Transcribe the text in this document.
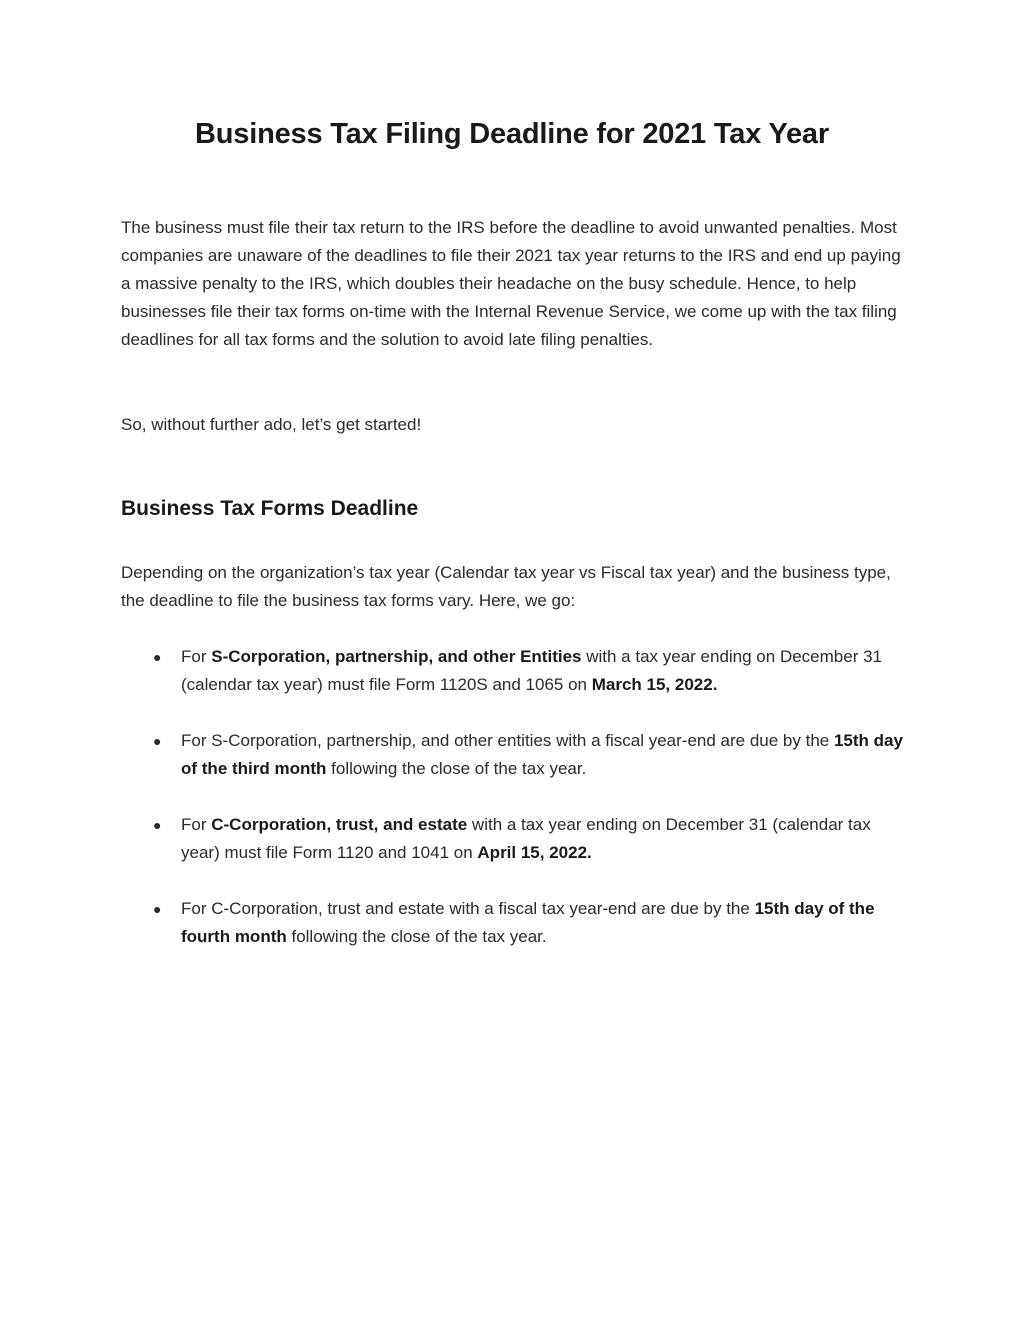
Business Tax Filing Deadline for 2021 Tax Year

The business must file their tax return to the IRS before the deadline to avoid unwanted penalties. Most companies are unaware of the deadlines to file their 2021 tax year returns to the IRS and end up paying a massive penalty to the IRS, which doubles their headache on the busy schedule. Hence, to help businesses file their tax forms on-time with the Internal Revenue Service, we come up with the tax filing deadlines for all tax forms and the solution to avoid late filing penalties.

So, without further ado, let’s get started!

Business Tax Forms Deadline

Depending on the organization’s tax year (Calendar tax year vs Fiscal tax year) and the business type, the deadline to file the business tax forms vary. Here, we go:

● For S-Corporation, partnership, and other Entities with a tax year ending on December 31 (calendar tax year) must file Form 1120S and 1065 on March 15, 2022.
● For S-Corporation, partnership, and other entities with a fiscal year-end are due by the 15th day of the third month following the close of the tax year.
● For C-Corporation, trust, and estate with a tax year ending on December 31 (calendar tax year) must file Form 1120 and 1041 on April 15, 2022.
● For C-Corporation, trust and estate with a fiscal tax year-end are due by the 15th day of the fourth month following the close of the tax year.
